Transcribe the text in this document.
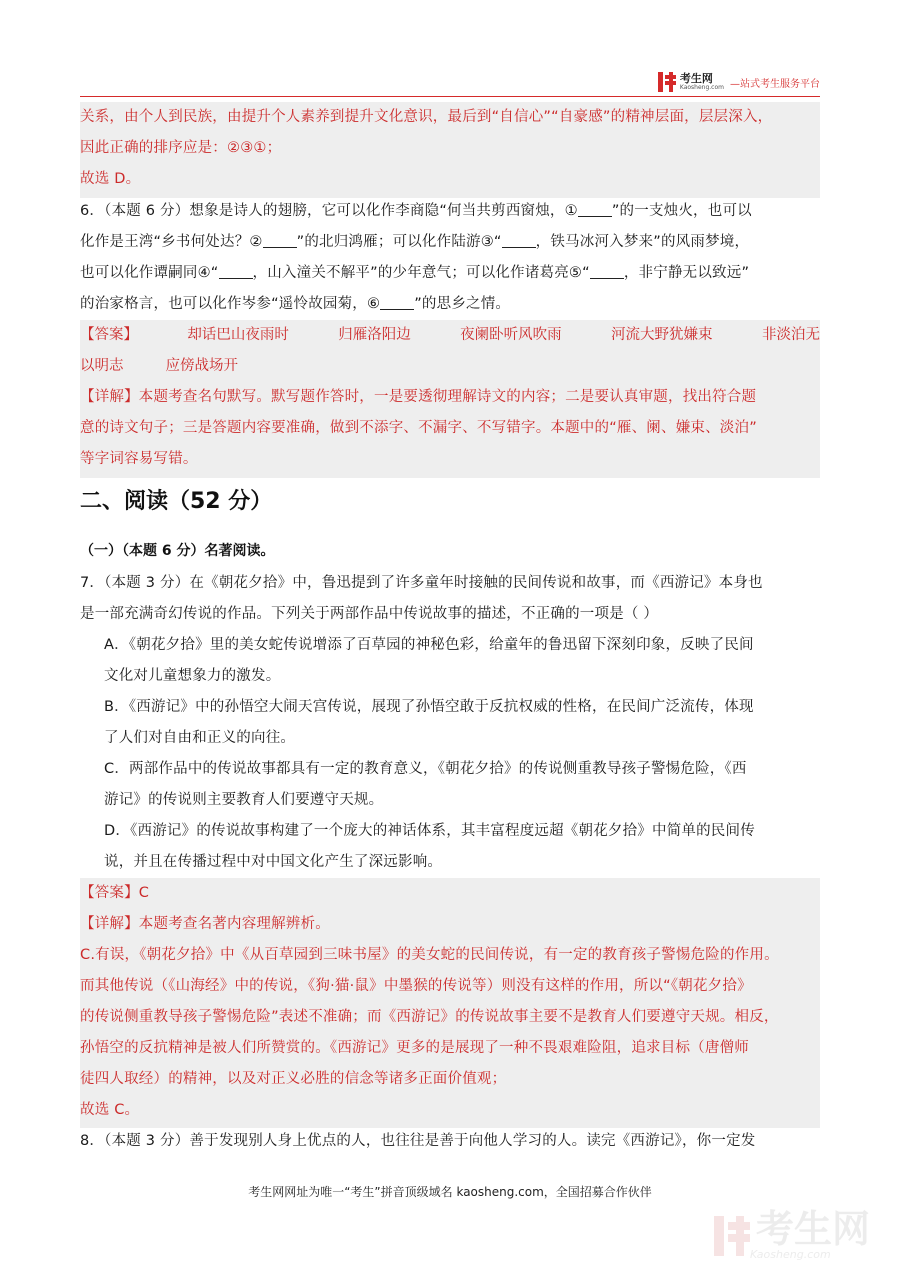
考生网
Kaosheng.com —站式考生服务平台
关系，由个人到民族，由提升个人素养到提升文化意识，最后到“自信心”“自豪感”的精神层面，层层深入，
因此正确的排序应是：②③①；
故选 D。
6．（本题 6 分）想象是诗人的翅膀，它可以化作李商隐“何当共剪西窗烛，① ”的一支烛火，也可以
化作是王湾“乡书何处达？② ”的北归鸿雁；可以化作陆游③“ ，铁马冰河入梦来”的风雨梦境，
也可以化作谭嗣同④“ ，山入潼关不解平”的少年意气；可以化作诸葛亮⑤“ ，非宁静无以致远”
的治家格言，也可以化作岑参“遥怜故园菊，⑥ ”的思乡之情。
【答案】	却话巴山夜雨时	归雁洛阳边	夜阑卧听风吹雨	河流大野犹嫌束	非淡泊无
以明志	应傍战场开
【详解】本题考查名句默写。默写题作答时，一是要透彻理解诗文的内容；二是要认真审题，找出符合题
意的诗文句子；三是答题内容要准确，做到不添字、不漏字、不写错字。本题中的“雁、阑、嫌束、淡泊”
等字词容易写错。
二、阅读（52 分）
（一）（本题 6 分）名著阅读。
7．（本题 3 分）在《朝花夕拾》中，鲁迅提到了许多童年时接触的民间传说和故事，而《西游记》本身也
是一部充满奇幻传说的作品。下列关于两部作品中传说故事的描述，不正确的一项是（ ）
A．《朝花夕拾》里的美女蛇传说增添了百草园的神秘色彩，给童年的鲁迅留下深刻印象，反映了民间
文化对儿童想象力的激发。
B．《西游记》中的孙悟空大闹天宫传说，展现了孙悟空敢于反抗权威的性格，在民间广泛流传，体现
了人们对自由和正义的向往。
C．两部作品中的传说故事都具有一定的教育意义，《朝花夕拾》的传说侧重教导孩子警惕危险，《西
游记》的传说则主要教育人们要遵守天规。
D．《西游记》的传说故事构建了一个庞大的神话体系，其丰富程度远超《朝花夕拾》中简单的民间传
说，并且在传播过程中对中国文化产生了深远影响。
【答案】C
【详解】本题考查名著内容理解辨析。
C.有误，《朝花夕拾》中《从百草园到三味书屋》的美女蛇的民间传说，有一定的教育孩子警惕危险的作用。
而其他传说（《山海经》中的传说，《狗·猫·鼠》中墨猴的传说等）则没有这样的作用，所以“《朝花夕拾》
的传说侧重教导孩子警惕危险”表述不准确；而《西游记》的传说故事主要不是教育人们要遵守天规。相反，
孙悟空的反抗精神是被人们所赞赏的。《西游记》更多的是展现了一种不畏艰难险阻，追求目标（唐僧师
徒四人取经）的精神，以及对正义必胜的信念等诸多正面价值观；
故选 C。
8．（本题 3 分）善于发现别人身上优点的人，也往往是善于向他人学习的人。读完《西游记》，你一定发
考生网网址为唯一“考生”拼音顶级域名 kaosheng.com，全国招募合作伙伴
考生网
Kaosheng.com
